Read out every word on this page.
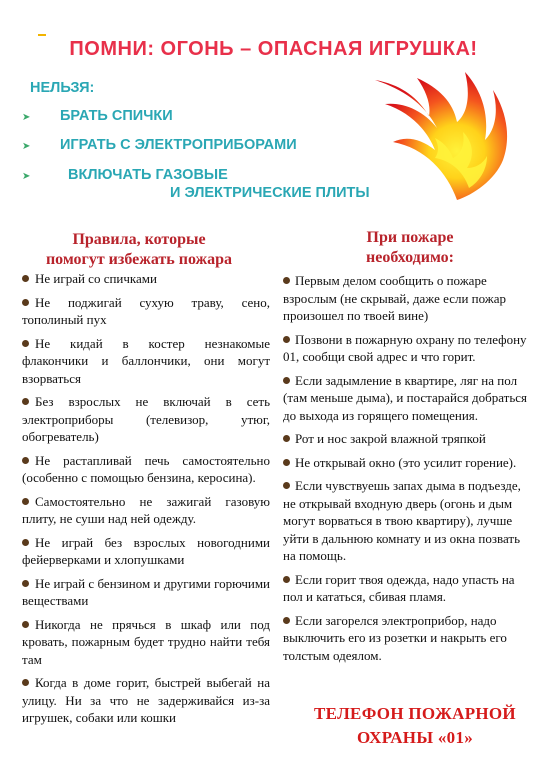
ПОМНИ: ОГОНЬ – ОПАСНАЯ ИГРУШКА!
НЕЛЬЗЯ:
➤ БРАТЬ СПИЧКИ
➤ ИГРАТЬ С ЭЛЕКТРОПРИБОРАМИ
➤	ВКЛЮЧАТЬ ГАЗОВЫЕ
И ЭЛЕКТРИЧЕСКИЕ ПЛИТЫ
Правила, которые
помогут избежать пожара
При пожаре
необходимо:
Не играй со спичками
Не поджигай сухую траву, сено, тополиный пух
Не кидай в костер незнакомые флакончики и баллончики, они могут взорваться
Без взрослых не включай в сеть электроприборы (телевизор, утюг, обогреватель)
Не растапливай печь самостоятельно (особенно с помощью бензина, керосина).
Самостоятельно не зажигай газовую плиту, не суши над ней одежду.
Не играй без взрослых новогодними фейерверками и хлопушками
Не играй с бензином и другими горючими веществами
Никогда не прячься в шкаф или под кровать, пожарным будет трудно найти тебя там
Когда в доме горит, быстрей выбегай на улицу. Ни за что не задерживайся из-за игрушек, собаки или кошки
Первым делом сообщить о пожаре взрослым (не скрывай, даже если пожар произошел по твоей вине)
Позвони в пожарную охрану по телефону 01, сообщи свой адрес и что горит.
Если задымление в квартире, ляг на пол (там меньше дыма), и постарайся добраться до выхода из горящего помещения.
Рот и нос закрой влажной тряпкой
Не открывай окно (это усилит горение).
Если чувствуешь запах дыма в подъезде, не открывай входную дверь (огонь и дым могут ворваться в твою квартиру), лучше уйти в дальнюю комнату и из окна позвать на помощь.
Если горит твоя одежда, надо упасть на пол и кататься, сбивая пламя.
Если загорелся электроприбор, надо выключить его из розетки и накрыть его толстым одеялом.
ТЕЛЕФОН ПОЖАРНОЙ
ОХРАНЫ «01»
